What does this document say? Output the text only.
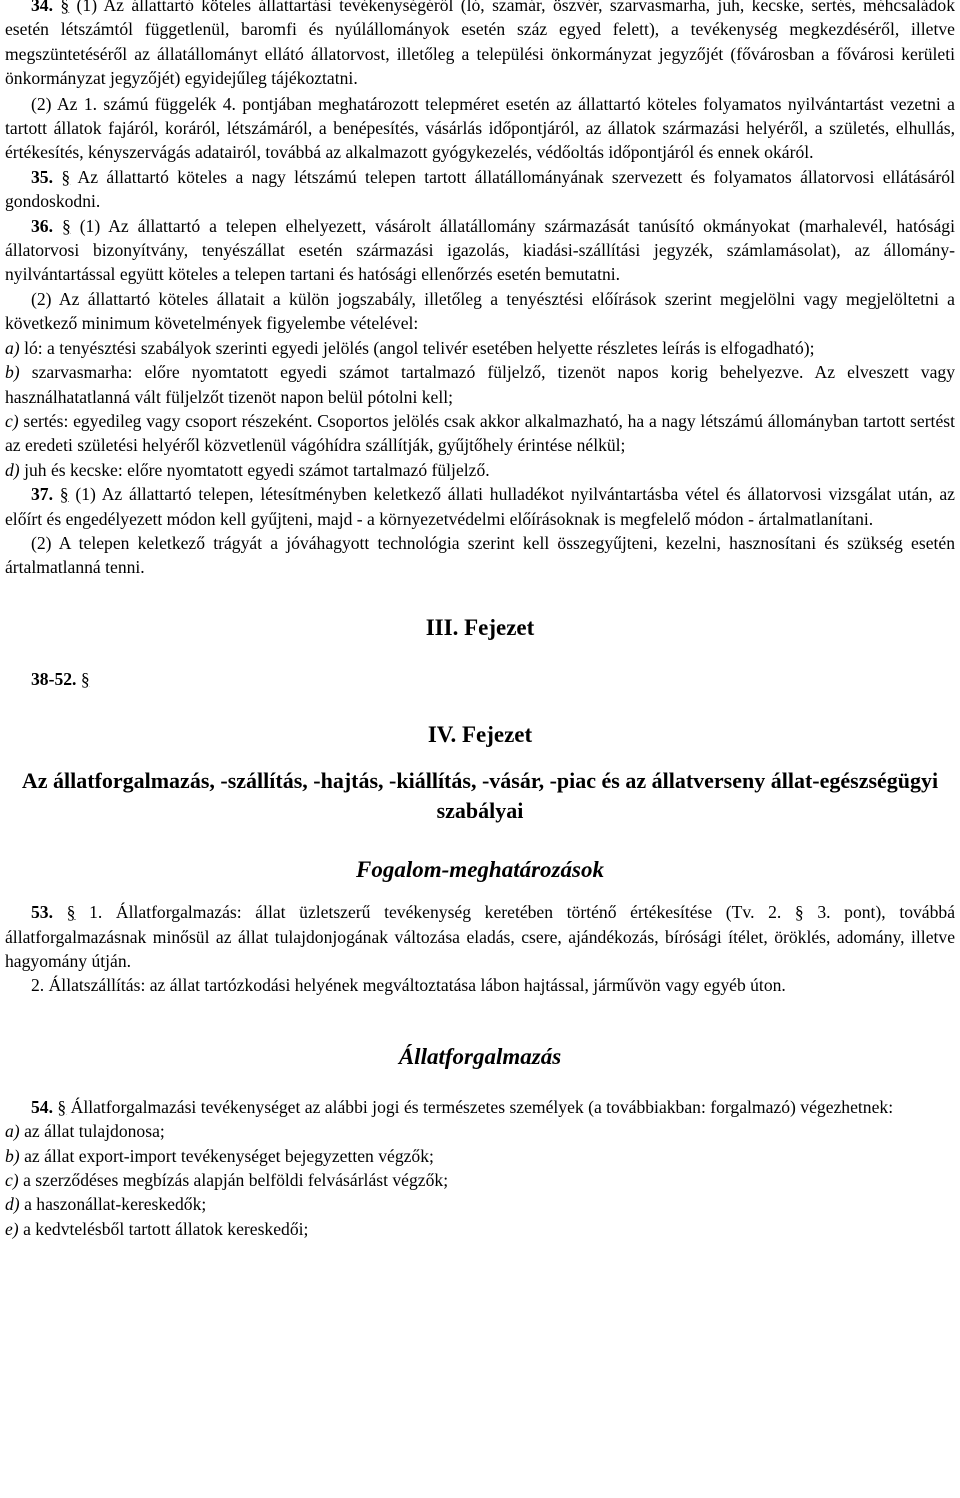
34. § (1) Az állattartó köteles állattartási tevékenységéről (ló, szamár, öszvér, szarvasmarha, juh, kecske, sertés, méhcsaládok esetén létszámtól függetlenül, baromfi és nyúlállományok esetén száz egyed felett), a tevékenység megkezdéséről, illetve megszüntetéséről az állatállományt ellátó állatorvost, illetőleg a települési önkormányzat jegyzőjét (fővárosban a fővárosi kerületi önkormányzat jegyzőjét) egyidejűleg tájékoztatni.

(2) Az 1. számú függelék 4. pontjában meghatározott telepméret esetén az állattartó köteles folyamatos nyilvántartást vezetni a tartott állatok fajáról, koráról, létszámáról, a benépesítés, vásárlás időpontjáról, az állatok származási helyéről, a születés, elhullás, értékesítés, kényszervágás adatairól, továbbá az alkalmazott gyógykezelés, védőoltás időpontjáról és ennek okáról.

35. § Az állattartó köteles a nagy létszámú telepen tartott állatállományának szervezett és folyamatos állatorvosi ellátásáról gondoskodni.

36. § (1) Az állattartó a telepen elhelyezett, vásárolt állatállomány származását tanúsító okmányokat (marhalevél, hatósági állatorvosi bizonyítvány, tenyészállat esetén származási igazolás, kiadási-szállítási jegyzék, számlamásolat), az állomány-nyilvántartással együtt köteles a telepen tartani és hatósági ellenőrzés esetén bemutatni.

(2) Az állattartó köteles állatait a külön jogszabály, illetőleg a tenyésztési előírások szerint megjelölni vagy megjelöltetni a következő minimum követelmények figyelembe vételével:

a) ló: a tenyésztési szabályok szerinti egyedi jelölés (angol telivér esetében helyette részletes leírás is elfogadható);

b) szarvasmarha: előre nyomtatott egyedi számot tartalmazó füljelző, tizenöt napos korig behelyezve. Az elveszett vagy használhatatlanná vált füljelzőt tizenöt napon belül pótolni kell;

c) sertés: egyedileg vagy csoport részeként. Csoportos jelölés csak akkor alkalmazható, ha a nagy létszámú állományban tartott sertést az eredeti születési helyéről közvetlenül vágóhídra szállítják, gyűjtőhely érintése nélkül;

d) juh és kecske: előre nyomtatott egyedi számot tartalmazó füljelző.

37. § (1) Az állattartó telepen, létesítményben keletkező állati hulladékot nyilvántartásba vétel és állatorvosi vizsgálat után, az előírt és engedélyezett módon kell gyűjteni, majd - a környezetvédelmi előírásoknak is megfelelő módon - ártalmatlanítani.

(2) A telepen keletkező trágyát a jóváhagyott technológia szerint kell összegyűjteni, kezelni, hasznosítani és szükség esetén ártalmatlanná tenni.

III. Fejezet

38-52. §

IV. Fejezet
Az állatforgalmazás, -szállítás, -hajtás, -kiállítás, -vásár, -piac és az állatverseny állat-egészségügyi szabályai
Fogalom-meghatározások

53. § 1. Állatforgalmazás: állat üzletszerű tevékenység keretében történő értékesítése (Tv. 2. § 3. pont), továbbá állatforgalmazásnak minősül az állat tulajdonjogának változása eladás, csere, ajándékozás, bírósági ítélet, öröklés, adomány, illetve hagyomány útján.

2. Állatszállítás: az állat tartózkodási helyének megváltoztatása lábon hajtással, járművön vagy egyéb úton.

Állatforgalmazás

54. § Állatforgalmazási tevékenységet az alábbi jogi és természetes személyek (a továbbiakban: forgalmazó) végezhetnek:

a) az állat tulajdonosa;

b) az állat export-import tevékenységet bejegyzetten végzők;

c) a szerződéses megbízás alapján belföldi felvásárlást végzők;

d) a haszonállat-kereskedők;

e) a kedvtelésből tartott állatok kereskedői;
